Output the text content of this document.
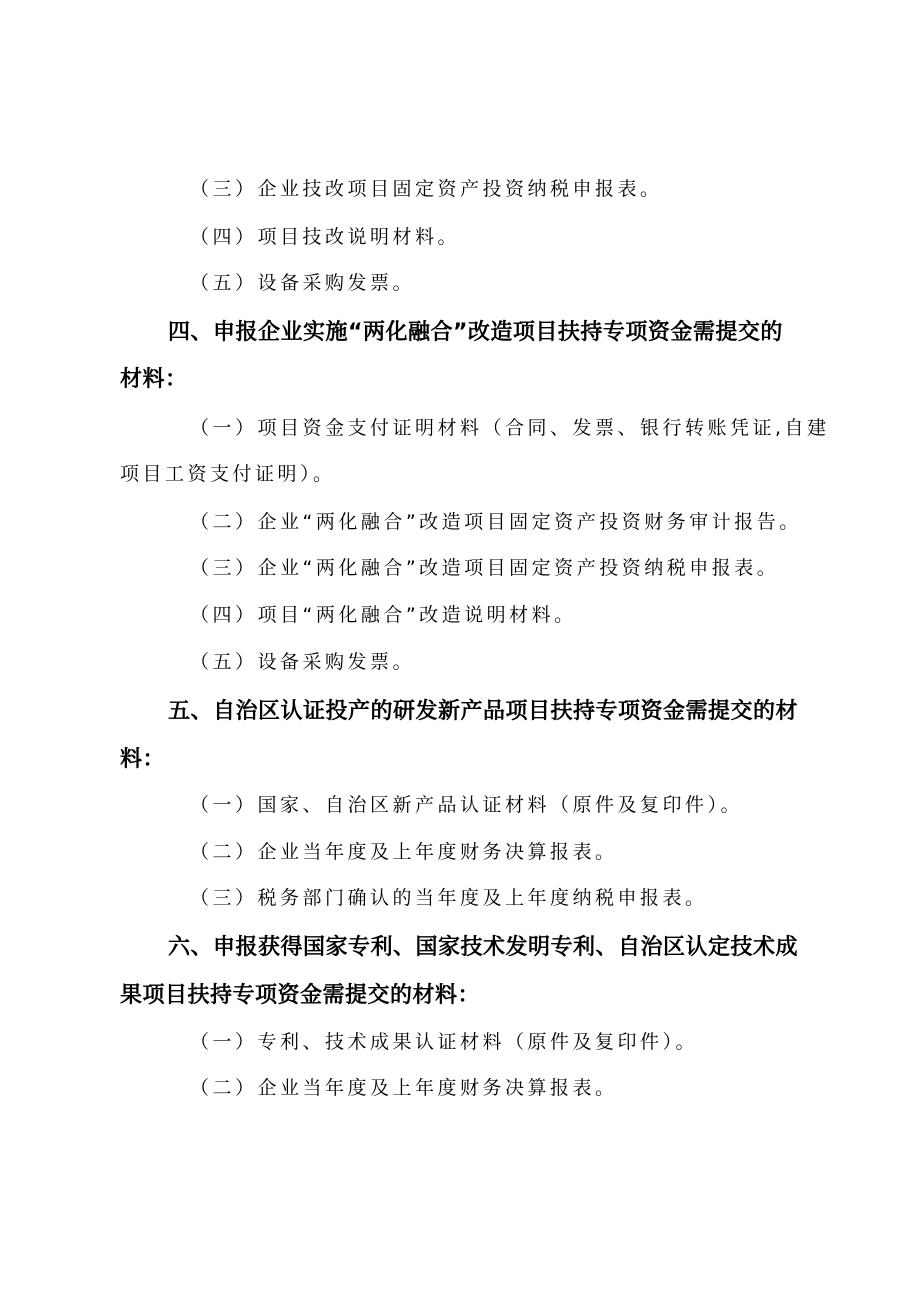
（三）企业技改项目固定资产投资纳税申报表。
（四）项目技改说明材料。
（五）设备采购发票。
四、申报企业实施“两化融合”改造项目扶持专项资金需提交的
材料：
（一）项目资金支付证明材料（合同、发票、银行转账凭证,自建
项目工资支付证明）。
（二）企业“两化融合”改造项目固定资产投资财务审计报告。
（三）企业“两化融合”改造项目固定资产投资纳税申报表。
（四）项目“两化融合”改造说明材料。
（五）设备采购发票。
五、自治区认证投产的研发新产品项目扶持专项资金需提交的材
料：
（一）国家、自治区新产品认证材料（原件及复印件）。
（二）企业当年度及上年度财务决算报表。
（三）税务部门确认的当年度及上年度纳税申报表。
六、申报获得国家专利、国家技术发明专利、自治区认定技术成
果项目扶持专项资金需提交的材料：
（一）专利、技术成果认证材料（原件及复印件）。
（二）企业当年度及上年度财务决算报表。
